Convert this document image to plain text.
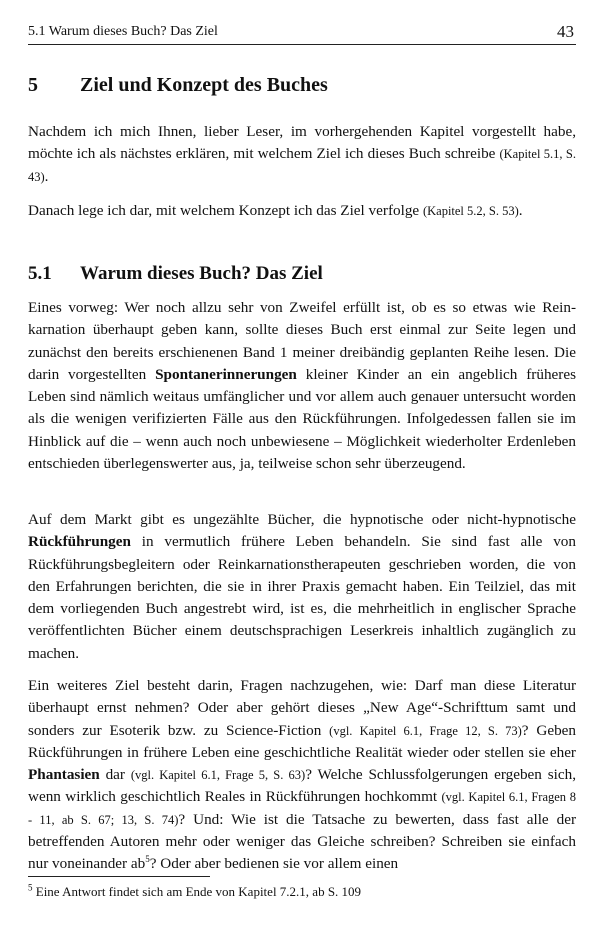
5.1 Warum dieses Buch? Das Ziel	43
5 Ziel und Konzept des Buches

Nachdem ich mich Ihnen, lieber Leser, im vorhergehenden Kapitel vorgestellt habe, möchte ich als nächstes erklären, mit welchem Ziel ich dieses Buch schreibe (Kapitel 5.1, S. 43).

Danach lege ich dar, mit welchem Konzept ich das Ziel verfolge (Kapitel 5.2, S. 53).

5.1 Warum dieses Buch? Das Ziel

Eines vorweg: Wer noch allzu sehr von Zweifel erfüllt ist, ob es so etwas wie Reinkarnation überhaupt geben kann, sollte dieses Buch erst einmal zur Seite legen und zunächst den bereits erschienenen Band 1 meiner dreibändig geplanten Reihe lesen. Die darin vorgestellten Spontanerinnerungen kleiner Kinder an ein angeblich früheres Leben sind nämlich weitaus umfänglicher und vor allem auch genauer untersucht worden als die wenigen verifizierten Fälle aus den Rückführungen. Infolgedessen fallen sie im Hinblick auf die – wenn auch noch unbewiesene – Möglichkeit wiederholter Erdenleben entschieden überlegenswerter aus, ja, teilweise schon sehr überzeugend.

Auf dem Markt gibt es ungezählte Bücher, die hypnotische oder nicht-hypnotische Rückführungen in vermutlich frühere Leben behandeln. Sie sind fast alle von Rückführungsbegleitern oder Reinkarnationstherapeuten geschrieben worden, die von den Erfahrungen berichten, die sie in ihrer Praxis gemacht haben. Ein Teilziel, das mit dem vorliegenden Buch angestrebt wird, ist es, die mehrheitlich in englischer Sprache veröffentlichten Bücher einem deutschsprachigen Leserkreis inhaltlich zugänglich zu machen.

Ein weiteres Ziel besteht darin, Fragen nachzugehen, wie: Darf man diese Literatur überhaupt ernst nehmen? Oder aber gehört dieses „New Age“-Schrifttum samt und sonders zur Esoterik bzw. zu Science-Fiction (vgl. Kapitel 6.1, Frage 12, S. 73)? Geben Rückführungen in frühere Leben eine geschichtliche Realität wieder oder stellen sie eher Phantasien dar (vgl. Kapitel 6.1, Frage 5, S. 63)? Welche Schlussfolgerungen ergeben sich, wenn wirklich geschichtlich Reales in Rückführungen hochkommt (vgl. Kapitel 6.1, Fragen 8 - 11, ab S. 67; 13, S. 74)? Und: Wie ist die Tatsache zu bewerten, dass fast alle der betreffenden Autoren mehr oder weniger das Gleiche schreiben? Schreiben sie einfach nur voneinander $ab^5$? Oder aber bedienen sie vor allem einen

$^5$ Eine Antwort findet sich am Ende von Kapitel 7.2.1, ab S. 109
